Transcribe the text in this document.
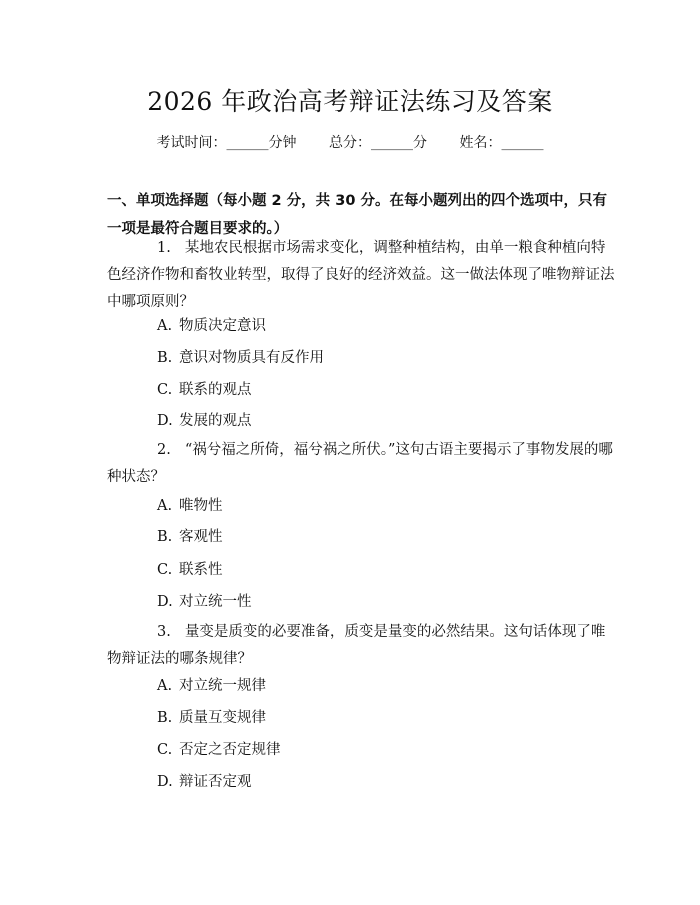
2026 年政治高考辩证法练习及答案
考试时间：______分钟 总分：______分 姓名：______
一、单项选择题（每小题 2 分，共 30 分。在每小题列出的四个选项中，只有一项是最符合题目要求的。）
1. 某地农民根据市场需求变化，调整种植结构，由单一粮食种植向特色经济作物和畜牧业转型，取得了良好的经济效益。这一做法体现了唯物辩证法中哪项原则？
A. 物质决定意识
B. 意识对物质具有反作用
C. 联系的观点
D. 发展的观点
2. “祸兮福之所倚，福兮祸之所伏。”这句古语主要揭示了事物发展的哪种状态？
A. 唯物性
B. 客观性
C. 联系性
D. 对立统一性
3. 量变是质变的必要准备，质变是量变的必然结果。这句话体现了唯物辩证法的哪条规律？
A. 对立统一规律
B. 质量互变规律
C. 否定之否定规律
D. 辩证否定观
